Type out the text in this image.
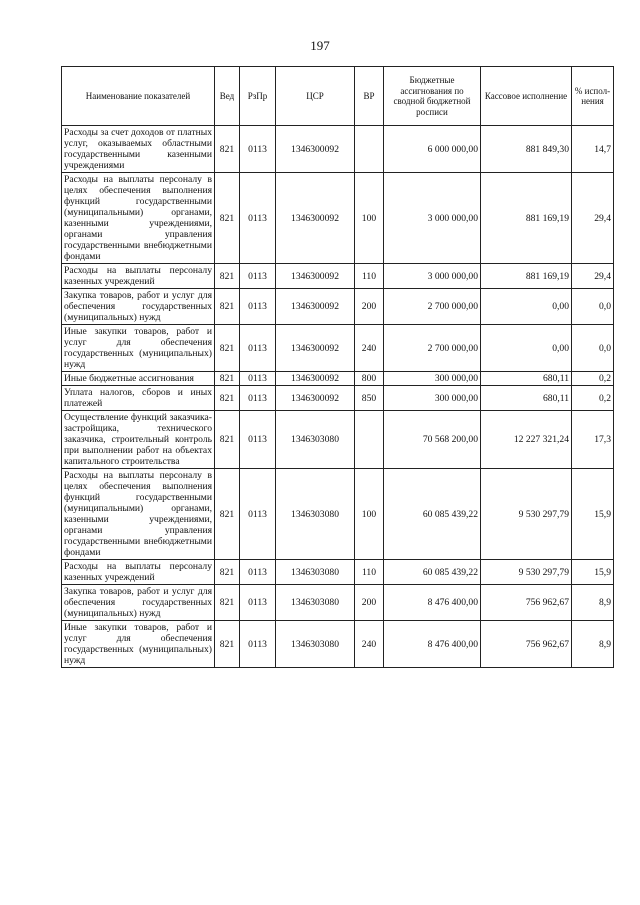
197
Наименование показателей	Вед	РзПр	ЦСР	ВР	Бюджетные ассигнования по сводной бюджетной росписи	Кассовое исполнение	% испол-нения
Расходы за счет доходов от платных услуг, оказываемых областными государственными казенными учреждениями	821	0113	1346300092		6 000 000,00	881 849,30	14,7
Расходы на выплаты персоналу в целях обеспечения выполнения функций государственными (муниципальными) органами, казенными учреждениями, органами управления государственными внебюджетными фондами	821	0113	1346300092	100	3 000 000,00	881 169,19	29,4
Расходы на выплаты персоналу казенных учреждений	821	0113	1346300092	110	3 000 000,00	881 169,19	29,4
Закупка товаров, работ и услуг для обеспечения государственных (муниципальных) нужд	821	0113	1346300092	200	2 700 000,00	0,00	0,0
Иные закупки товаров, работ и услуг для обеспечения государственных (муниципальных) нужд	821	0113	1346300092	240	2 700 000,00	0,00	0,0
Иные бюджетные ассигнования	821	0113	1346300092	800	300 000,00	680,11	0,2
Уплата налогов, сборов и иных платежей	821	0113	1346300092	850	300 000,00	680,11	0,2
Осуществление функций заказчика-застройщика, технического заказчика, строительный контроль при выполнении работ на объектах капитального строительства	821	0113	1346303080		70 568 200,00	12 227 321,24	17,3
Расходы на выплаты персоналу в целях обеспечения выполнения функций государственными (муниципальными) органами, казенными учреждениями, органами управления государственными внебюджетными фондами	821	0113	1346303080	100	60 085 439,22	9 530 297,79	15,9
Расходы на выплаты персоналу казенных учреждений	821	0113	1346303080	110	60 085 439,22	9 530 297,79	15,9
Закупка товаров, работ и услуг для обеспечения государственных (муниципальных) нужд	821	0113	1346303080	200	8 476 400,00	756 962,67	8,9
Иные закупки товаров, работ и услуг для обеспечения государственных (муниципальных) нужд	821	0113	1346303080	240	8 476 400,00	756 962,67	8,9
